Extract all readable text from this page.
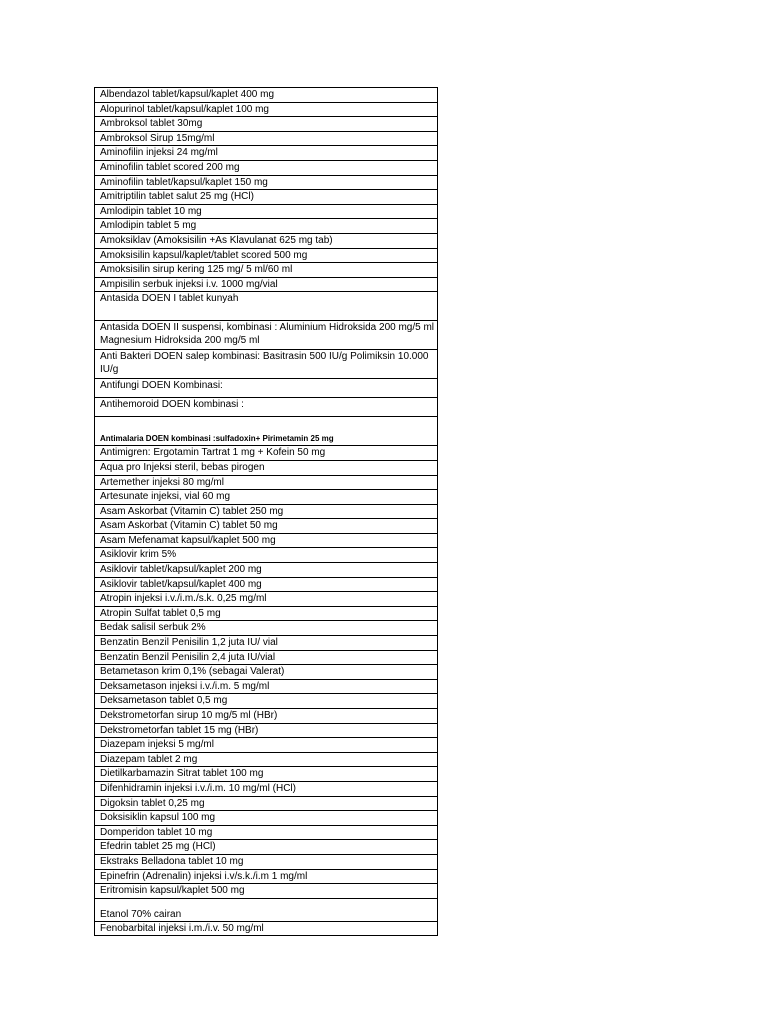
Albendazol tablet/kapsul/kaplet 400 mg
Alopurinol tablet/kapsul/kaplet 100 mg
Ambroksol tablet 30mg
Ambroksol Sirup 15mg/ml
Aminofilin injeksi 24 mg/ml
Aminofilin tablet scored 200 mg
Aminofilin tablet/kapsul/kaplet 150 mg
Amitriptilin tablet salut 25 mg (HCl)
Amlodipin tablet 10 mg
Amlodipin tablet 5 mg
Amoksiklav (Amoksisilin +As Klavulanat 625 mg tab)
Amoksisilin kapsul/kaplet/tablet scored 500 mg
Amoksisilin sirup kering 125 mg/ 5 ml/60 ml
Ampisilin serbuk injeksi i.v. 1000 mg/vial
Antasida DOEN I tablet kunyah
Antasida DOEN II suspensi, kombinasi : Aluminium Hidroksida 200 mg/5 ml Magnesium Hidroksida 200 mg/5 ml
Anti Bakteri DOEN salep kombinasi: Basitrasin 500 IU/g Polimiksin 10.000 IU/g
Antifungi DOEN Kombinasi:
Antihemoroid DOEN kombinasi :
Antimalaria DOEN kombinasi :sulfadoxin+ Pirimetamin 25 mg
Antimigren: Ergotamin Tartrat 1 mg + Kofein 50 mg
Aqua pro Injeksi steril, bebas pirogen
Artemether injeksi 80 mg/ml
Artesunate injeksi, vial 60 mg
Asam Askorbat (Vitamin C) tablet 250 mg
Asam Askorbat (Vitamin C) tablet 50 mg
Asam Mefenamat kapsul/kaplet 500 mg
Asiklovir krim 5%
Asiklovir tablet/kapsul/kaplet 200 mg
Asiklovir tablet/kapsul/kaplet 400 mg
Atropin injeksi i.v./i.m./s.k. 0,25 mg/ml
Atropin Sulfat tablet 0,5 mg
Bedak salisil serbuk 2%
Benzatin Benzil Penisilin 1,2 juta IU/ vial
Benzatin Benzil Penisilin 2,4 juta IU/vial
Betametason krim 0,1% (sebagai Valerat)
Deksametason injeksi i.v./i.m. 5 mg/ml
Deksametason tablet 0,5 mg
Dekstrometorfan sirup 10 mg/5 ml (HBr)
Dekstrometorfan tablet 15 mg (HBr)
Diazepam injeksi 5 mg/ml
Diazepam tablet 2 mg
Dietilkarbamazin Sitrat tablet 100 mg
Difenhidramin injeksi i.v./i.m. 10 mg/ml (HCl)
Digoksin tablet 0,25 mg
Doksisiklin kapsul 100 mg
Domperidon tablet 10 mg
Efedrin tablet 25 mg (HCl)
Ekstraks Belladona tablet 10 mg
Epinefrin (Adrenalin) injeksi i.v/s.k./i.m 1 mg/ml
Eritromisin kapsul/kaplet 500 mg
Etanol 70% cairan
Fenobarbital injeksi i.m./i.v. 50 mg/ml
